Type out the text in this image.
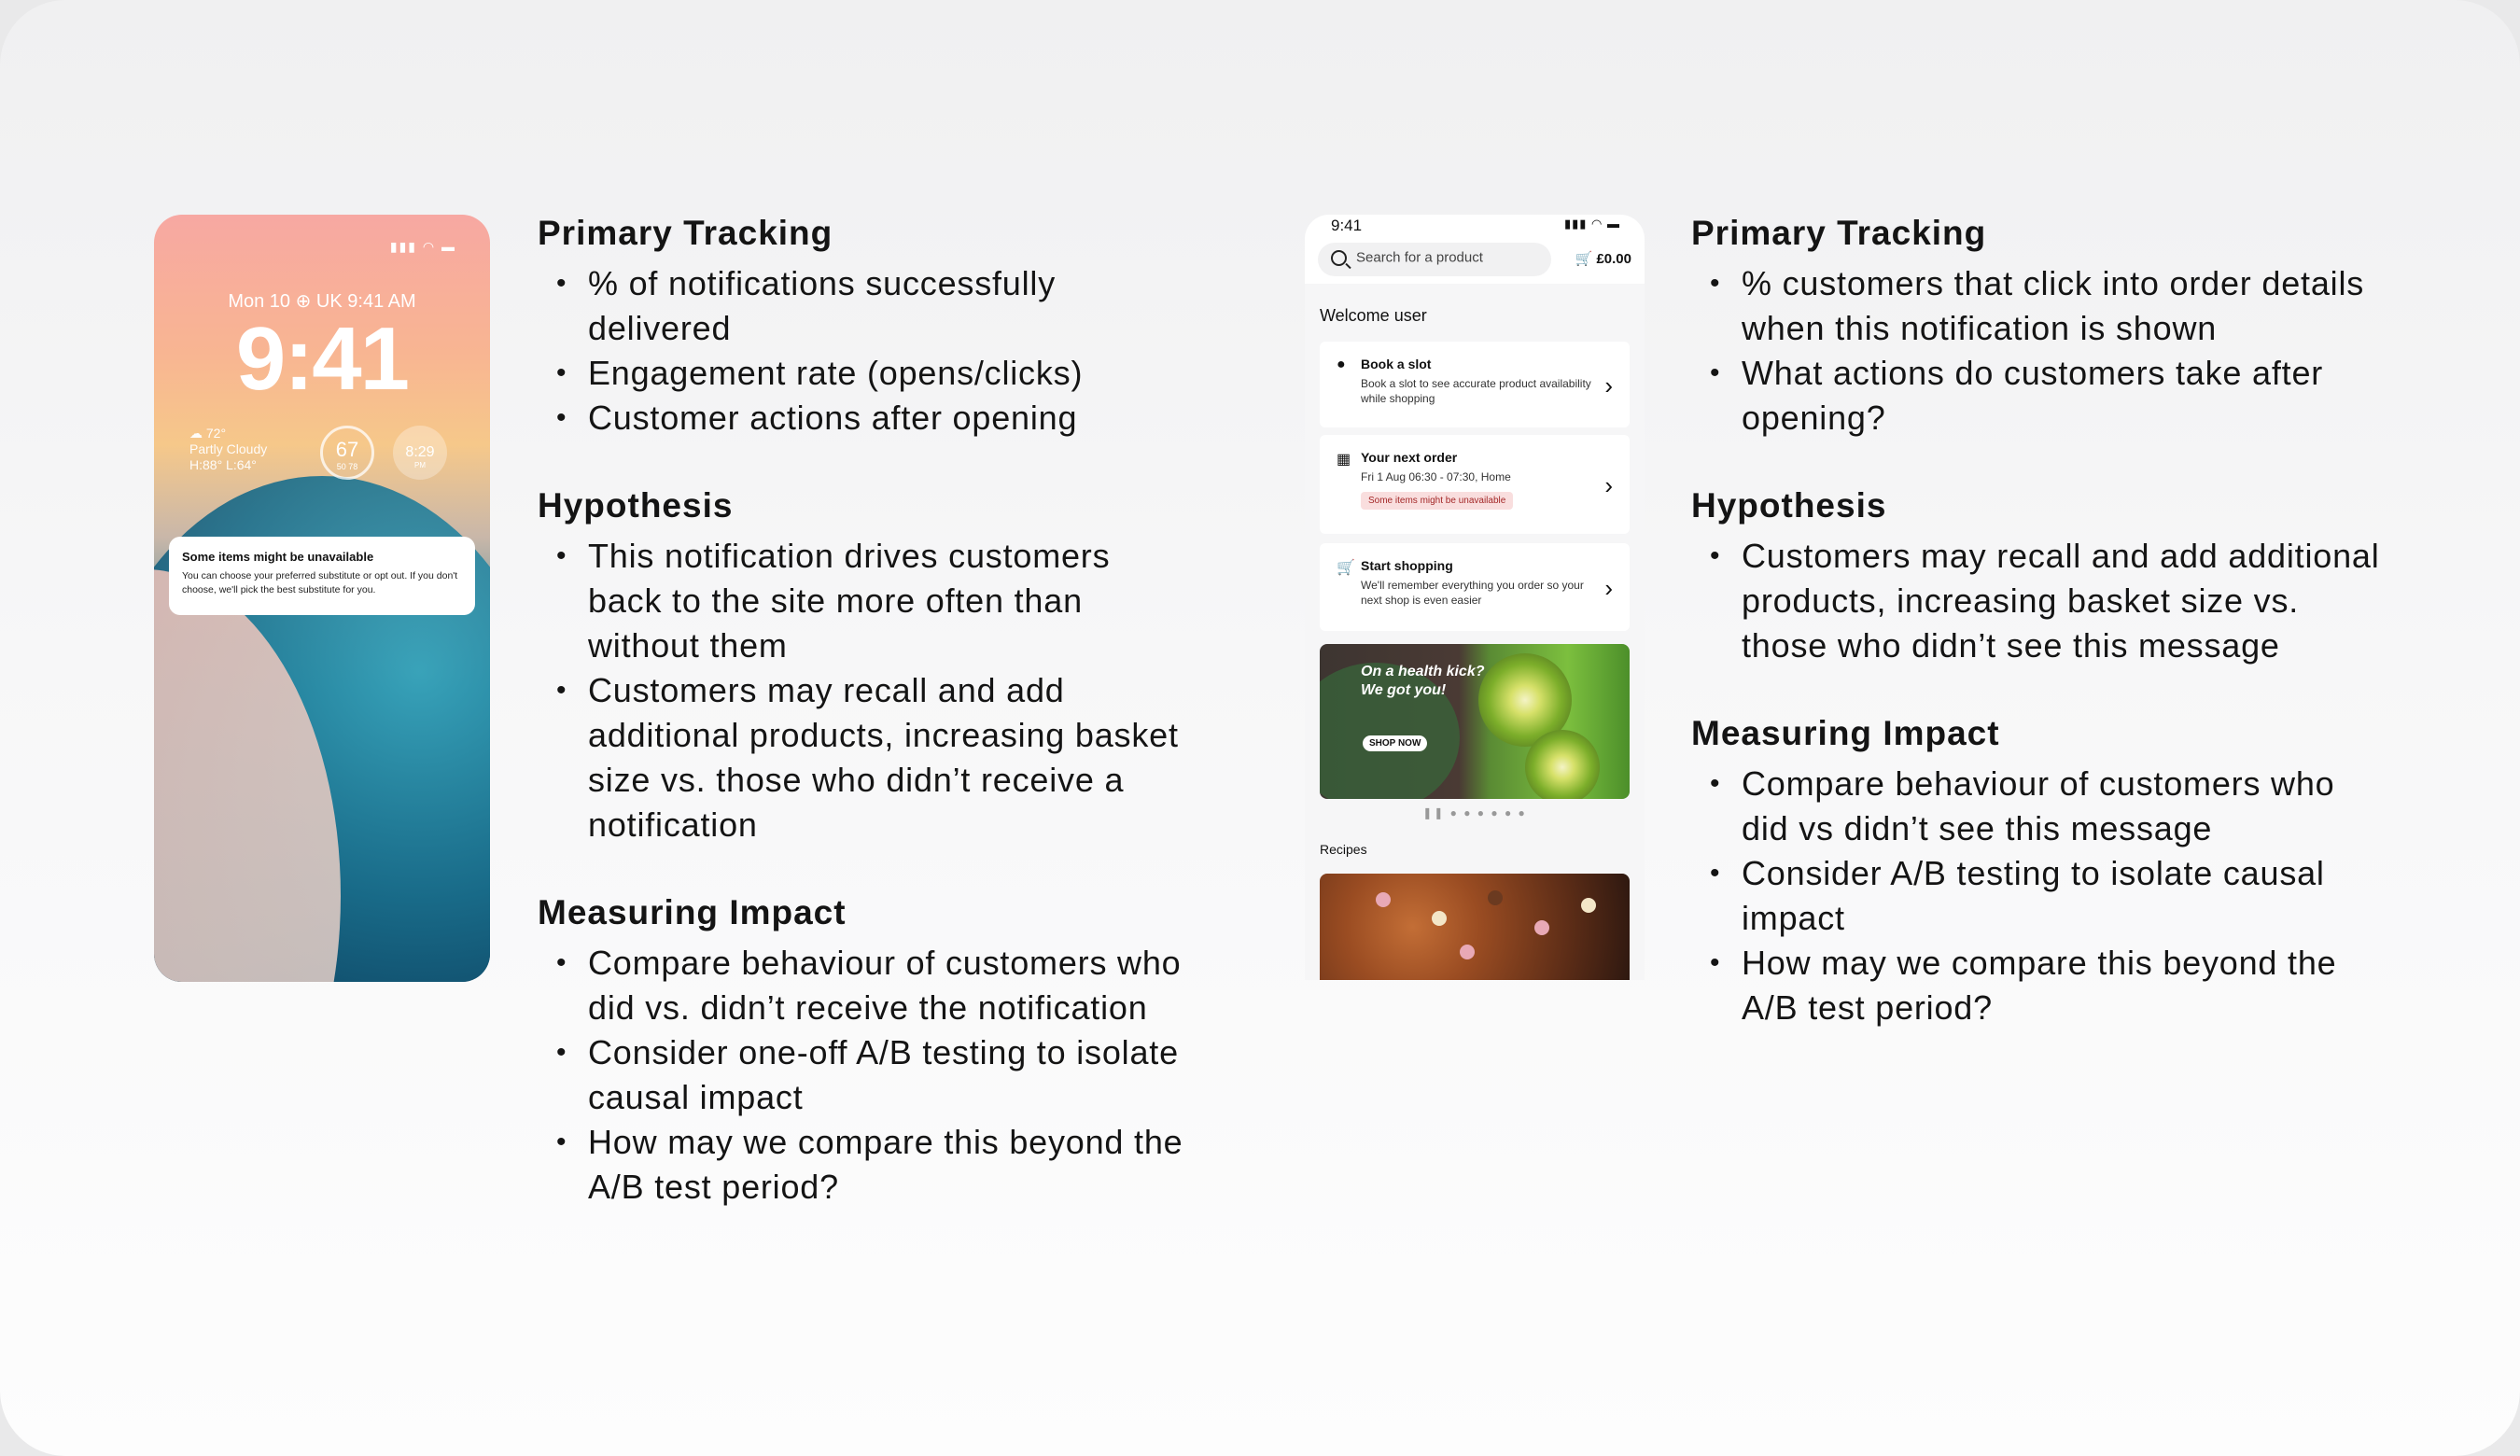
▮▮▮ ◠ ▬
Mon 10 ⊕ UK 9:41 AM
9:41
☁ 72°
Partly Cloudy
H:88° L:64°
67
50 78
8:29
PM
Some items might be unavailable
You can choose your preferred substitute or opt out. If you don't choose, we'll pick the best substitute for you.
Primary Tracking
• % of notifications successfully delivered
• Engagement rate (opens/clicks)
• Customer actions after opening
Hypothesis
• This notification drives customers back to the site more often than without them
• Customers may recall and add additional products, increasing basket size vs. those who didn’t receive a notification
Measuring Impact
• Compare behaviour of customers who did vs. didn’t receive the notification
• Consider one-off A/B testing to isolate causal impact
• How may we compare this beyond the A/B test period?
9:41	▮▮▮ ◠ ▬
Search for a product	🛒 £0.00
Welcome user
● Book a slot
Book a slot to see accurate product availability while shopping	›
▦ Your next order
Fri 1 Aug 06:30 - 07:30, Home
Some items might be unavailable
›
🛒 Start shopping
We'll remember everything you order so your next shop is even easier	›
On a health kick?
We got you!
SHOP NOW
❚❚ ● ● ● ● ● ●
Recipes
Primary Tracking
• % customers that click into order details when this notification is shown
• What actions do customers take after opening?
Hypothesis
• Customers may recall and add additional products, increasing basket size vs. those who didn’t see this message
Measuring Impact
• Compare behaviour of customers who did vs didn’t see this message
• Consider A/B testing to isolate causal impact
• How may we compare this beyond the A/B test period?
